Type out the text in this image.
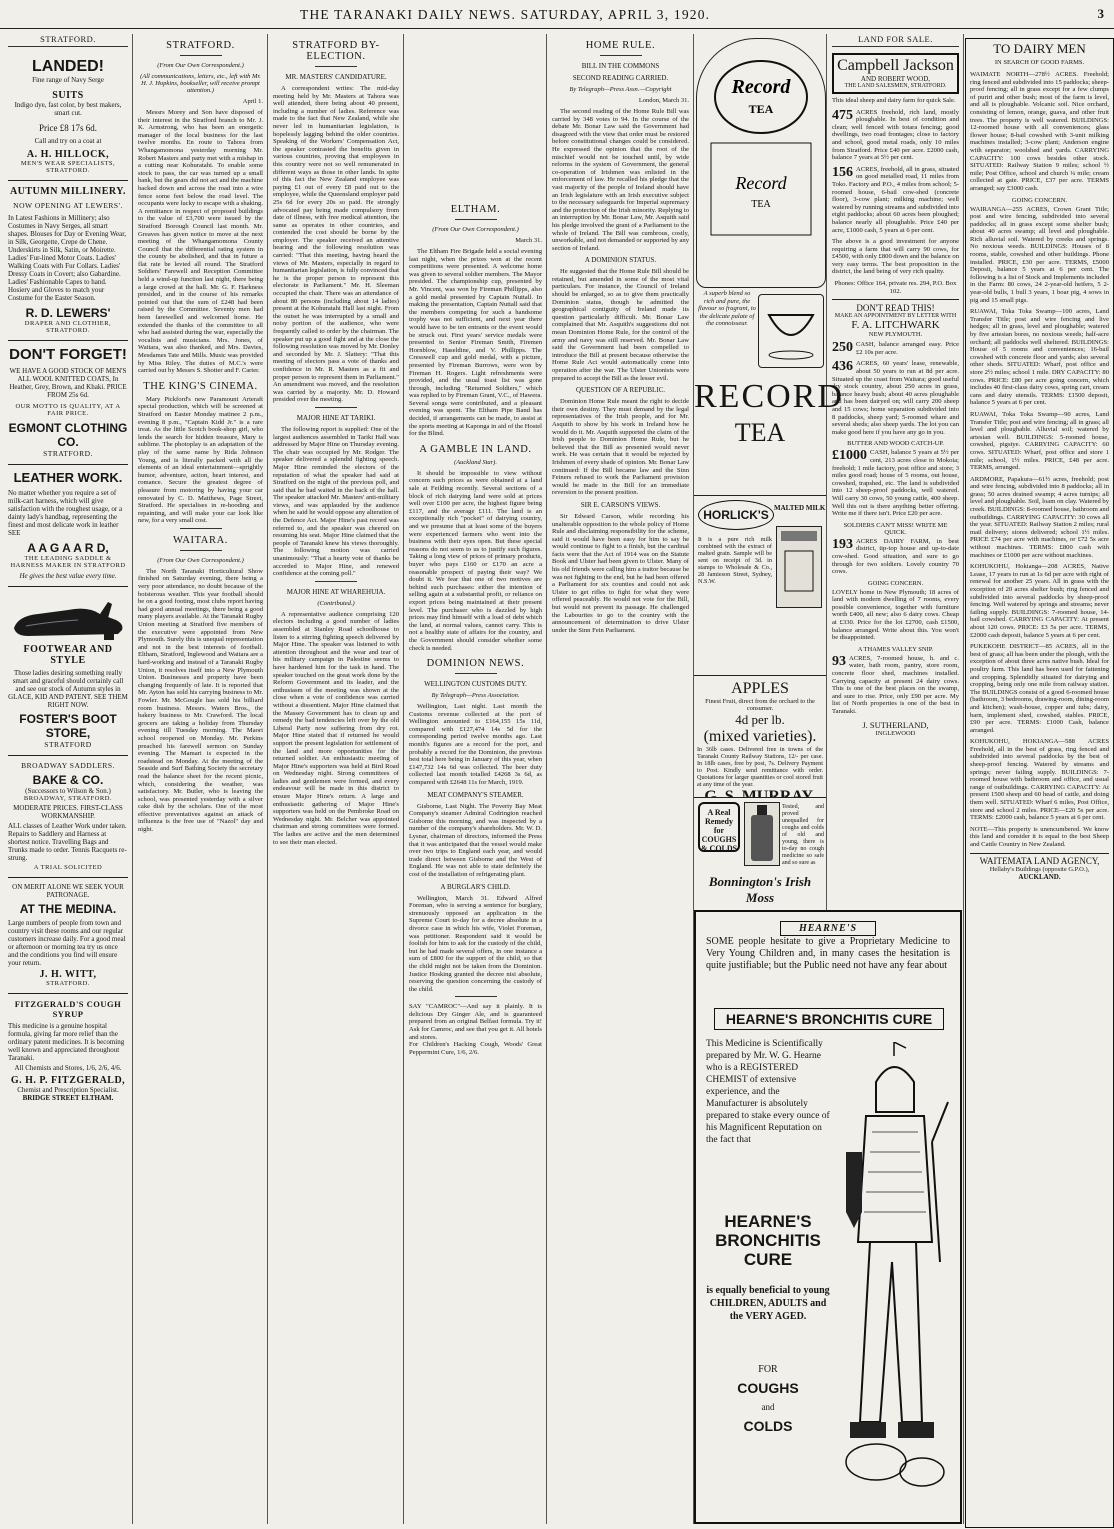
THE TARANAKI DAILY NEWS. SATURDAY, APRIL 3, 1920.	3
STRATFORD.
LANDED!
Fine range of Navy Serge
SUITS
Indigo dye, fast color, by best makers, smart cut.
Price £8 17s 6d.
Call and try on a coat at
A. H. HILLOCK,
MEN'S WEAR SPECIALISTS, STRATFORD.
AUTUMN MILLINERY.
NOW OPENING AT LEWERS'.

In Latest Fashions in Millinery; also Costumes in Navy Serges, all smart shapes. Blouses for Day or Evening Wear, in Silk, Georgette, Crepe de Chene. Underskirts in Silk, Satin, or Moirette. Ladies' Fur-lined Motor Coats. Ladies' Walking Coats with Fur Collars. Ladies' Dressy Coats in Covert; also Gabardine. Ladies' Fashionable Capes to hand. Hosiery and Gloves to match your Costume for the Easter Season.

R. D. LEWERS'
DRAPER AND CLOTHIER, STRATFORD.
DON'T FORGET!

WE HAVE A GOOD STOCK OF MEN'S ALL WOOL KNITTED COATS, In Heather, Grey, Brown, and Khaki. PRICE FROM 25s 6d.

OUR MOTTO IS QUALITY, AT A FAIR PRICE.
EGMONT CLOTHING CO.
STRATFORD.
LEATHER WORK.

No matter whether you require a set of milk-cart harness, which will give satisfaction with the roughest usage, or a dainty lady's handbag, representing the finest and most delicate work in leather SEE

A A G A A R D,
THE LEADING SADDLE & HARNESS MAKER IN STRATFORD
He gives the best value every time.
FOOTWEAR AND STYLE

Those ladies desiring something really smart and graceful should certainly call and see our stock of Autumn styles in GLACE, KID AND PATENT. SEE THEM RIGHT NOW.

FOSTER'S BOOT STORE,
STRATFORD
BROADWAY SADDLERS.
BAKE & CO.
(Successors to Wilson & Son.)
BROADWAY, STRATFORD.
MODERATE PRICES. FIRST-CLASS WORKMANSHIP.

ALL classes of Leather Work under taken. Repairs to Saddlery and Harness at shortest notice. Travelling Bags and Trunks made to order. Tennis Racquets re-strung.

A TRIAL SOLICITED
ON MERIT ALONE WE SEEK YOUR PATRONAGE.
AT THE MEDINA.

Large numbers of people from town and country visit these rooms and our regular customers increase daily. For a good meal or afternoon or morning tea try us once and the conditions you find will ensure your return.

J. H. WITT,
STRATFORD.
FITZGERALD'S COUGH SYRUP

This medicine is a genuine hospital formula, giving far more relief than the ordinary patent medicines. It is becoming well known and appreciated throughout Taranaki.

All Chemists and Stores, 1/6, 2/6, 4/6.
G. H. P. FITZGERALD,
Chemist and Prescription Specialist.
BRIDGE STREET ELTHAM.
STRATFORD.
(From Our Own Correspondent.)
(All communications, letters, etc., left with Mr. H. J. Hopkins, bookseller, will receive prompt attention.)
April 1.

Messrs Morey and Son have disposed of their interest in the Stratford branch to Mr. J. K. Armstrong, who has been an energetic manager of the local business for the last twelve months. En route to Tahora from Whangamomona yesterday morning Mr. Robert Masters and party met with a mishap in a cutting near Kohuratahi. To enable some stock to pass, the car was turned up a small bank, but the gears did not act and the machine backed down and across the road into a wire fence some feet below the road level. The occupants were lucky to escape with a shaking. A remittance in respect of proposed buildings to the value of £3,700 were issued by the Stratford Borough Council last month. Mr. Greaves has given notice to move at the next meeting of the Whangamomona County Council that the differential rating system in the county be abolished, and that in future a flat rate be levied all round. The Stratford Soldiers' Farewell and Reception Committee held a wind-up function last night, there being a large crowd at the hall. Mr. G. F. Harkness presided, and in the course of his remarks pointed out that the sum of £248 had been raised by the Committee. Seventy men had been farewelled and welcomed home. He extended the thanks of the committee to all who had assisted during the war, especially the vocalists and musicians. Mrs. Jones, of Waitara, was also thanked, and Mrs. Davies, Mesdames Tate and Mills. Music was provided by Miss Riley. The duties of M.C.'s were carried out by Messrs S. Shotter and F. Carter.

THE KING'S CINEMA.

Mary Pickford's new Paramount Arteraft special production, which will be screened at Stratford on Easter Monday matinee 2 p.m., evening 8 p.m., "Captain Kidd Jr." is a rare treat. As the little Scotch book-shop girl, who lends the search for hidden treasure, Mary is sublime. The photoplay is an adaptation of the play of the same name by Rida Johnson Young, and is literally packed with all the elements of an ideal entertainment—sprightly humor, adventure, action, heart interest, and romance. Secure the greatest degree of pleasure from motoring by having your car renovated by C. D. Matthews, Page Street, Stratford. He specialises in re-hooding and repainting, and will make your car look like new, for a very small cost.

WAITARA.
(From Our Own Correspondent.)

The North Taranaki Horticultural Show finished on Saturday evening, there being a very poor attendance, no doubt because of the boisterous weather. This year football should be on a good footing, most clubs report having had good annual meetings, there being a good many players available. At the Taranaki Rugby Union meeting at Stratford five members of the executive were appointed from New Plymouth. Surely this is unequal representation and not in the best interests of football. Eltham, Stratford, Inglewood and Waitara are a hard-working and instead of a Taranaki Rugby Union, it resolves itself into a New Plymouth Union. Businesses and property have been changing frequently of late. It is reported that Mr. Ayton has sold his carrying business to Mr. Fowler. Mr. McGougle has sold his billiard room business. Messrs. Waters Bros., the bakery business to Mr. Crawford. The local grocers are taking a holiday from Thursday evening till Tuesday morning. The Maori school reopened on Monday. Mr. Perkins preached his farewell sermon on Sunday evening. The Mamari is expected in the roadstead on Monday. At the meeting of the Seaside and Surf Bathing Society the secretary read the balance sheet for the recent picnic, which, considering the weather, was satisfactory. Mr. Butler, who is leaving the school, was presented yesterday with a silver cake dish by the scholars. One of the most effective preventatives against an attack of influenza is the free use of "Nazol" day and night.

STRATFORD BY-ELECTION.
MR. MASTERS' CANDIDATURE.

A correspondent writes: The mid-day meeting held by Mr. Masters at Tahora was well attended, there being about 40 present, including a number of ladies. Reference was made to the fact that New Zealand, while she never led in humanitarian legislation, is hopelessly lagging behind the older countries. Speaking of the Workers' Compensation Act, the speaker contrasted the benefits given in various countries, proving that employees in this country were not so well remunerated in different ways as those in other lands. In spite of this fact the New Zealand employee was paying £1 out of every £8 paid out to the employee, while the Queensland employer paid 25s 6d for every 20s so paid. He strongly advocated pay being made compulsory from date of illness, with free medical attention, the same as operates in other countries, and contended the cost should be borne by the employer. The speaker received an attentive hearing and the following resolution was carried: "That this meeting, having heard the views of Mr. Masters, especially in regard to humanitarian legislation, is fully convinced that he is the proper person to represent this electorate in Parliament." Mr. H. Sleeman occupied the chair. There was an attendance of about 80 persons (including about 14 ladies) present at the Kohuratahi Hall last night. From the outset he was interrupted by a small and noisy portion of the audience, who were frequently called to order by the chairman. The speaker put up a good fight and at the close the following resolution was moved by Mr. Donley and seconded by Mr. J. Slattery: "That this meeting of electors pass a vote of thanks and confidence in Mr. R. Masters as a fit and proper person to represent them in Parliament." An amendment was moved, and the resolution was carried by a majority. Mr. D. Howard presided over the meeting.

MAJOR HINE AT TARIKI.

The following report is supplied: One of the largest audiences assembled in Tariki Hall was addressed by Major Hine on Thursday evening. The chair was occupied by Mr. Rodger. The speaker delivered a splendid fighting speech. Major Hine reminded the electors of the reputation of what the speaker had said at Stratford on the night of the previous poll, and said that he had waited in the back of the hall. The speaker attacked Mr. Masters' anti-military views, and was applauded by the audience when he said he would oppose any alteration of the Defence Act. Major Hine's past record was referred to, and the speaker was cheered on resuming his seat. Major Hine claimed that the people of Taranaki knew his views thoroughly. The following motion was carried unanimously: "That a hearty vote of thanks be accorded to Major Hine, and renewed confidence at the coming poll."

MAJOR HINE AT WHAREHUIA.
(Contributed.)

A representative audience comprising 120 electors including a good number of ladies assembled at Stanley Road schoolhouse to listen to a stirring fighting speech delivered by Major Hine. The speaker was listened to with attention throughout and the wear and tear of his military campaign in Palestine seems to have hardened him for the task in hand. The speaker touched on the great work done by the Reform Government and its leader, and the enthusiasm of the meeting was shown at the close when a vote of confidence was carried without a dissentient. Major Hine claimed that the Massey Government has to clean up and remedy the bad tendencies left over by the old Liberal Party now suffering from dry rot. Major Hine stated that if returned he would support the present legislation for settlement of the land and more opportunities for the returned soldier. An enthusiastic meeting of Major Hine's supporters was held at Bird Road on Wednesday night. Strong committees of ladies and gentlemen were formed, and every endeavour will be made in this district to ensure Major Hine's return. A large and enthusiastic gathering of Major Hine's supporters was held on the Pembroke Road on Wednesday night. Mr. Belcher was appointed chairman and strong committees were formed. The ladies are active and the men determined to see their man elected.

ELTHAM.
(From Our Own Correspondent.)
March 31.

The Eltham Fire Brigade held a social evening last night, when the prizes won at the recent competitions were presented. A welcome home was given to several soldier members. The Mayor presided. The championship cup, presented by Mr. Vincent, was won by Fireman Phillipps, also a gold medal presented by Captain Nuttall. In making the presentation, Captain Nuttall said that the members competing for such a handsome trophy was not sufficient, and next year there would have to be ten entrants or the event would be struck out. First years' service medals were presented to Senior Fireman Smith, Firemen Hornblow, Haseldine, and V. Phillipps. The Cresswell cup and gold medal, with a picture, presented by Fireman Burrows, were won by Fireman H. Rogers. Light refreshments were provided, and the usual toast list was gone through, including "Returned Soldiers," which was replied to by Fireman Grant, V.C., of Hawera. Several songs were contributed, and a pleasant evening was spent. The Eltham Pipe Band has decided, if arrangements can be made, to assist at the sports meeting at Kaponga in aid of the Hostel for the Blind.

A GAMBLE IN LAND.
(Auckland Star).

It should be impossible to view without concern such prices as were obtained at a land sale at Feilding recently. Several sections of a block of rich dairying land were sold at prices well over £100 per acre, the highest figure being £117, and the average £111. The land is an exceptionally rich "pocket" of dairying country, and we presume that at least some of the buyers were experienced farmers who went into the business with their eyes open. But these special reasons do not seem to us to justify such figures. Taking a long view of prices of primary products, buyer who pays £160 or £170 an acre a reasonable prospect of paying their way? We doubt it. We fear that one of two motives are behind such purchases: either the intention of selling again at a substantial profit, or reliance on export prices being maintained at their present level. The purchaser who is dazzled by high prices may find himself with a load of debt which the land, at normal values, cannot carry. This is not a healthy state of affairs for the country, and the Government should consider whether some check is needed.

DOMINION NEWS.
WELLINGTON CUSTOMS DUTY.
By Telegraph—Press Association.

Wellington, Last night. Last month the Customs revenue collected at the port of Wellington amounted to £164,155 15s 11d, compared with £127,474 14s 5d for the corresponding period twelve months ago. Last month's figures are a record for the port, and probably a record for the Dominion, the previous best total here being in January of this year, when £147,732 14s 6d was collected. The beer duty collected last month totalled £4268 3s 6d, as compared with £2648 11s for March, 1919.

MEAT COMPANY'S STEAMER.

Gisborne, Last Night. The Poverty Bay Meat Company's steamer Admiral Codrington reached Gisborne this morning, and was inspected by a number of the company's shareholders. Mr. W. D. Lysnar, chairman of directors, informed the Press that it was anticipated that the vessel would make over two trips to England each year, and would trade direct between Gisborne and the West of England. He was not able to state definitely the cost of the installation of refrigerating plant.

A BURGLAR'S CHILD.

Wellington, March 31. Edward Alfred Foreman, who is serving a sentence for burglary, strenuously opposed an application in the Supreme Court to-day for a decree absolute in a divorce case in which his wife, Violet Foreman, was petitioner. Respondent said it would be foolish for him to ask for the custody of the child, but he had made several offers, in one instance a sum of £800 for the support of the child, so that the child might not be taken from the Dominion. Justice Hosking granted the decree nisi absolute, reserving the question concerning the custody of the child.

SAY "CAMROC"—And say it plainly. It is delicious Dry Ginger Ale, and is guaranteed prepared from an original Belfast formula. Try it! Ask for Camroc, and see that you get it. All hotels and stores.

For Children's Hacking Cough, Woods' Great Peppermint Cure, 1/6, 2/6.

HOME RULE.
BILL IN THE COMMONS
SECOND READING CARRIED.
By Telegraph—Press Assn.—Copyright
London, March 31.

The second reading of the Home Rule Bill was carried by 348 votes to 94. In the course of the debate Mr. Bonar Law said the Government had disagreed with the view that order must be restored before constitutional changes could be considered. He expressed the opinion that the root of the mischief would not be touched until, by wide reforms in the system of Government, the general co-operation of Irishmen was enlisted in the enforcement of law. He recalled his pledge that the vast majority of the people of Ireland should have an Irish legislature with an Irish executive subject to the necessary safeguards for Imperial supremacy and the protection of the Irish minority. Replying to an interruption by Mr. Bonar Law, Mr. Asquith said his pledge involved the grant of a Parliament to the whole of Ireland. The Bill was cumbrous, costly, unworkable, and not demanded or supported by any section of Ireland.

A DOMINION STATUS.

He suggested that the Home Rule Bill should be retained, but amended in some of the most vital particulars. For instance, the Council of Ireland should be enlarged, so as to give them practically Dominion status, though he admitted the geographical contiguity of Ireland made its question particularly difficult. Mr. Bonar Law complained that Mr. Asquith's suggestions did not mean Dominion Home Rule, for the control of the army and navy was still reserved. Mr. Bonar Law said the Government had been compelled to introduce the Bill at present because otherwise the Home Rule Act would automatically come into operation after the war. The Ulster Unionists were prepared to accept the Bill as the lesser evil.

QUESTION OF A REPUBLIC.

Dominion Home Rule meant the right to decide their own destiny. They must demand by the legal representatives of the Irish people, and for Mr. Asquith to show by his work in Ireland how he would do it. Mr. Asquith supported the claim of the Irish people to Dominion Home Rule, but he believed that the Bill as presented would never work. He was certain that it would be rejected by Irishmen of every shade of opinion. Mr. Bonar Law continued: If the Bill became law and the Sinn Feiners refused to work the Parliament provision would be made in the Bill for an immediate reversion to the present position.

SIR E. CARSON'S VIEWS.

Sir Edward Carson, while recording his unalterable opposition to the whole policy of Home Rule and disclaiming responsibility for the scheme, said it would have been easy for him to say he would continue to fight to a finish, but the cardinal facts were that the Act of 1914 was on the Statute Book and Ulster had been given to Ulster. Many of his old friends were calling him a traitor because he was not fighting to the end, but he had been offered a Parliament for six counties and could not ask Ulster to get rifles to fight for what they were offered peaceably. He would not vote for the Bill, but would not prevent its passage. He challenged the Labourites to go to the country with the announcement of determination to drive Ulster under the Sinn Fein Parliament.

Record
TEA
Record
TEA
A superb blend so rich and pure, the flavour so fragrant, to the delicate palate of the connoisseur.
RECORD
TEA
HORLICK'S MALTED MILK

It is a pure rich milk combined with the extract of malted grain. Sample will be sent on receipt of 3d. in stamps to Wholesale & Co., 28 Jamieson Street, Sydney, N.S.W.

APPLES
Finest Fruit, direct from the orchard to the consumer.
4d per lb.
(mixed varieties).

In 36lb cases. Delivered free in towns of the Taranaki County Railway Stations, 12/- per case. In 18lb cases, free by post, 7s. Delivery Payment to Post. Kindly send remittance with order. Quotations for larger quantities or cool stored fruit at any time of the year.

A Real Remedy for COUGHS & COLDS

Tested, and proved unequalled for coughs and colds of old and young, there is to-day no cough medicine so safe and so sure as

Bonnington's Irish Moss
HEARNE'S

SOME people hesitate to give a Proprietary Medicine to Very Young Children and, in many cases the hesitation is quite justifiable; but the Public need not have any fear about

HEARNE'S BRONCHITIS CURE

This Medicine is Scientifically prepared by Mr. W. G. Hearne who is a REGISTERED CHEMIST of extensive experience, and the Manufacturer is absolutely prepared to stake every ounce of his Magnificent Reputation on the fact that

HEARNE'S BRONCHITIS CURE
is equally beneficial to young CHILDREN, ADULTS and the VERY AGED.
FOR
COUGHS
and
COLDS
LAND FOR SALE.
Campbell Jackson
AND ROBERT WOOD,
THE LAND SALESMEN, STRATFORD.

This ideal sheep and dairy farm for quick Sale.

475 ACRES freehold, rich land, mostly ploughable. In best of condition and clean; well fenced with totara fencing; good dwellings, two road frontages; close to factory and school, good metal roads, only 10 miles from Stratford. Price £40 per acre. £2000 cash, balance 7 years at 5½ per cent.

156 ACRES, freehold, all in grass, situated on good metalled road, 11 miles from Toko. Factory and P.O., 4 miles from school; 5-roomed house, 6-bail cow-shed (concrete floor), 3-cow plant; milking machine; well watered by running streams and subdivided into eight paddocks; about 60 acres been ploughed; balance nearly all ploughable. Price £40 per acre, £1000 cash, 5 years at 6 per cent.

The above is a good investment for anyone requiring a farm that will carry 90 cows, for £4500, with only £800 down and the balance on very easy terms. The best proposition in the district, the land being of very rich quality.

Phones: Office 164, private res. 294, P.O. Box 102.

DON'T READ THIS!
MAKE AN APPOINTMENT BY LETTER WITH
F. A. LITCHWARK
NEW PLYMOUTH.

250 CASH, balance arranged easy. Price £2 10s per acre.

436 ACRES, 60 years' lease, renewable, about 50 years to run at 8d per acre. Situated up the coast from Waitara; good useful dry stock country, about 250 acres in grass, balance heavy bush; about 40 acres ploughable and has been dairyed on; will carry 200 sheep and 15 cows; home separation subdivided into 8 paddocks, sheep yard; 5-roomed whare and several sheds; also sheep yards. The lot you can make good here if you have any go in you.

BUTTER AND WOOD CATCH-UP.

£1000 CASH, balance 5 years at 5½ per cent, 213 acres close to Mokoia; freehold; 1 mile factory, post office and store; 3 miles good road; house of 5 rooms, out house, cowshed, trapshed, etc. The land is subdivided into 12 sheep-proof paddocks, well watered. Will carry 30 cows, 50 young cattle, 400 sheep. Well this out is there anything better offering. Write me if there isn't. Price £20 per acre.

SOLDIERS CAN'T MISS! WRITE ME QUICK.

193 ACRES DAIRY FARM, in best district, tip-top house and up-to-date cow-shed. Good situation, and sure to go through for two soldiers. Lovely country 70 cows.

GOING CONCERN.

LOVELY home in New Plymouth; 18 acres of land with modern dwelling of 7 rooms, every possible convenience, together with furniture worth £400, all new; also 6 dairy cows. Cheap at £330. Price for the lot £2700, cash £1500, balance arranged. Write about this. You won't be disappointed.

A THAMES VALLEY SNIP.

93 ACRES, 7-roomed house, h. and c. water, bath room, pantry, store room, concrete floor shed, machines installed. Carrying capacity at present 24 dairy cows. This is one of the best places on the swamp, and sure to rise. Price, only £90 per acre. My list of North properties is one of the best in Taranaki.

J. SUTHERLAND,
INGLEWOOD
TO DAIRY MEN
IN SEARCH OF GOOD FARMS.

WAIMATE NORTH—278½ ACRES. Freehold; ring fenced and subdivided into 15 paddocks; sheep-proof fencing; all in grass except for a few clumps of puriri and other bush; most of the farm is level, and all is ploughable. Volcanic soil. Nice orchard, consisting of lemon, orange, guava, and other fruit trees. The property is well watered. BUILDINGS: 12-roomed house with all conveniences; glass flower house; 8-bail cowshed with 3-unit milking machines installed; 3-cow plant; Anderson engine with separator; woolshed and yards. CARRYING CAPACITY: 100 cows besides other stock. SITUATED: Railway Station 9 miles; school ½ mile; Post Office, school and church ¼ mile; cream collected at gate. PRICE, £37 per acre. TERMS arranged; say £3000 cash.

GOING CONCERN.

WAIRANGA—255 ACRES, Crown Grant Title; post and wire fencing, subdivided into several paddocks; all in grass except some shelter bush; about 40 acres swamp; all level and ploughable. Rich alluvial soil. Watered by creeks and springs. No noxious weeds. BUILDINGS: Houses of 8 rooms, stable, cowshed and other buildings. Phone installed. PRICE, £30 per acre. TERMS, £5000 Deposit, balance 5 years at 6 per cent. The following is a list of Stock and Implements included in the Farm: 80 cows, 24 2-year-old heifers, 5 2-year-old bulls, 1 bull 3 years, 1 boar pig, 4 sows in pig and 15 small pigs.

RUAWAI, Toka Toka Swamp—100 acres, Land Transfer Title; post and wire fencing and live hedges; all in grass, level and ploughable; watered by five artesian bores, no noxious weeds; half-acre orchard; all paddocks well sheltered. BUILDINGS: House of 5 rooms and conveniences; 16-bail cowshed with concrete floor and yards; also several other sheds. SITUATED: Wharf, post office and store 2½ miles; school 1 mile. DRY CAPACITY: 80 cows. PRICE: £80 per acre going concern, which includes 40 first-class dairy cows, spring cart, cream cans and dairy utensils. TERMS: £1500 deposit, balance 5 years at 6 per cent.

RUAWAI, Toka Toka Swamp—90 acres, Land Transfer Title; post and wire fencing; all in grass; all level and ploughable. Alluvial soil; watered by artesian well. BUILDINGS: 5-roomed house, cowshed, pigstye. CARRYING CAPACITY: 60 cows. SITUATED: Wharf, post office and store 1 mile; school, 1½ miles. PRICE, £48 per acre. TERMS, arranged.

ARDMORE, Papakura—61½ acres, freehold; post and wire fencing, subdivided into 8 paddocks; all in grass; 50 acres drained swamp; 4 acres turnips; all level and ploughable. Soil, loam on clay. Watered by creek. BUILDINGS: 8-roomed house, bathroom and outbuildings. CARRYING CAPACITY: 30 cows all the year. SITUATED: Railway Station 2 miles; rural mail delivery; stores delivered; school 1½ miles. PRICE £74 per acre with machines, or £72 5s acre without machines. TERMS: £800 cash with machines or £1000 per acre without machines.

KOHUKOHU, Hokianga—208 ACRES, Native Lease, 17 years to run at 1s 6d per acre with right of renewal for another 25 years. All in grass with the exception of 20 acres shelter bush; ring fenced and subdivided into several paddocks by sheep-proof fencing. Well watered by springs and streams; never failing supply. BUILDINGS: 7-roomed house, 14-bail cowshed. CARRYING CAPACITY: At present about 120 cows. PRICE: £3 5s per acre. TERMS, £2000 cash deposit, balance 5 years at 6 per cent.

PUKEKOHE DISTRICT—85 ACRES, all in the best of grass; all has been under the plough, with the exception of about three acres native bush. Ideal for poultry farm. This land has been used for fattening and cropping. Splendidly situated for dairying and cropping, being only one mile from railway station. The BUILDINGS consist of a good 6-roomed house (bathroom, 3 bedrooms, drawing-room, dining-room and kitchen); wash-house, copper and tubs; dairy, barn, implement shed, cowshed, stables. PRICE, £90 per acre. TERMS: £1000 Cash, balance arranged.

KOHUKOHU, HOKIANGA—588 ACRES Freehold, all in the best of grass, ring fenced and subdivided into several paddocks by the best of sheep-proof fencing. Watered by streams and springs; never failing supply. BUILDINGS: 7-roomed house with bathroom and office, and usual range of outbuildings. CARRYING CAPACITY: At present 1500 sheep and 60 head of cattle, and doing them well. SITUATED: Wharf 6 miles, Post Office, store and school 2 miles. PRICE—£20 5s per acre. TERMS: £2000 cash, balance 5 years at 6 per cent.

NOTE—This property is unencumbered. We know this land and consider it is equal to the best Sheep and Cattle Country in New Zealand.

WAITEMATA LAND AGENCY,
Hellaby's Buildings (opposite G.P.O.),
AUCKLAND.
